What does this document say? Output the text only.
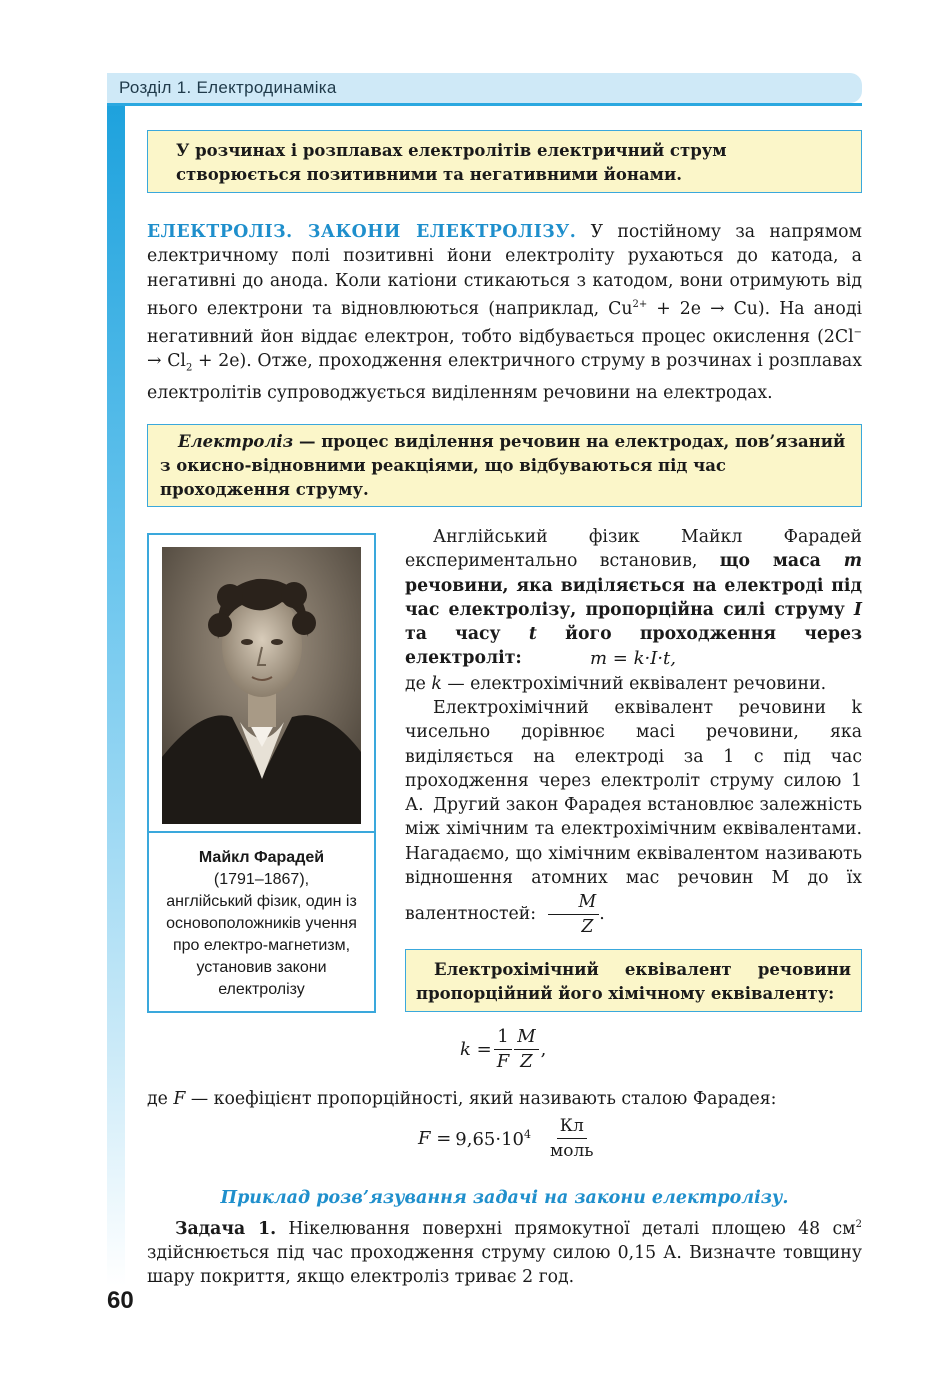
Розділ 1. Електродинаміка
У розчинах і розплавах електролітів електричний струм створюється позитивними та негативними йонами.
ЕЛЕКТРОЛІЗ. ЗАКОНИ ЕЛЕКТРОЛІЗУ. У постійному за напрямом електричному полі позитивні йони електроліту рухаються до катода, а негативні до анода. Коли катіони стикаються з катодом, вони отримують від нього електрони та відновлюються (наприклад, $Cu^{2+} + 2e \to Cu$). На аноді негативний йон віддає електрон, тобто відбувається процес окислення $(2Cl^- \to Cl_2 + 2e)$. Отже, проходження електричного струму в розчинах і розплавах електролітів супроводжується виділенням речовини на електродах.
Електроліз — процес виділення речовин на електродах, пов’язаний з окисно-відновними реакціями, що відбуваються під час проходження струму.
Майкл Фарадей
(1791–1867),
англійський фізик, один із основоположників учення про електро-магнетизм, установив закони електролізу
Англійський фізик Майкл Фарадей експериментально встановив, що маса m речовини, яка виділяється на електроді під час електролізу, пропорційна силі струму I та часу t його проходження через електроліт:	m = k·I·t,
де k — електрохімічний еквівалент речовини.
Електрохімічний еквівалент речовини k чисельно дорівнює масі речовини, яка виділяється на електроді за 1 с під час проходження через електроліт струму силою 1 А. Другий закон Фарадея встановлює залежність між хімічним та електрохімічним еквівалентами. Нагадаємо, що хімічним еквівалентом називають відношення атомних мас речовин M до їх валентностей: $\frac{M}{Z}$ .
Електрохімічний еквівалент речовини пропорційний його хімічному еквіваленту:
$k = \frac{1}{F} \frac{M}{Z}$ ,
де F — коефіцієнт пропорційності, який називають сталою Фарадея:
$F = 9,65\cdot 10^4 \frac{Кл}{\text{моль}}$
Приклад розв’язування задачі на закони електролізу.
Задача 1. Нікелювання поверхні прямокутної деталі площею 48 $см^2$ здійснюється під час проходження струму силою 0,15 А. Визначте товщину шару покриття, якщо електроліз триває 2 год.
60
